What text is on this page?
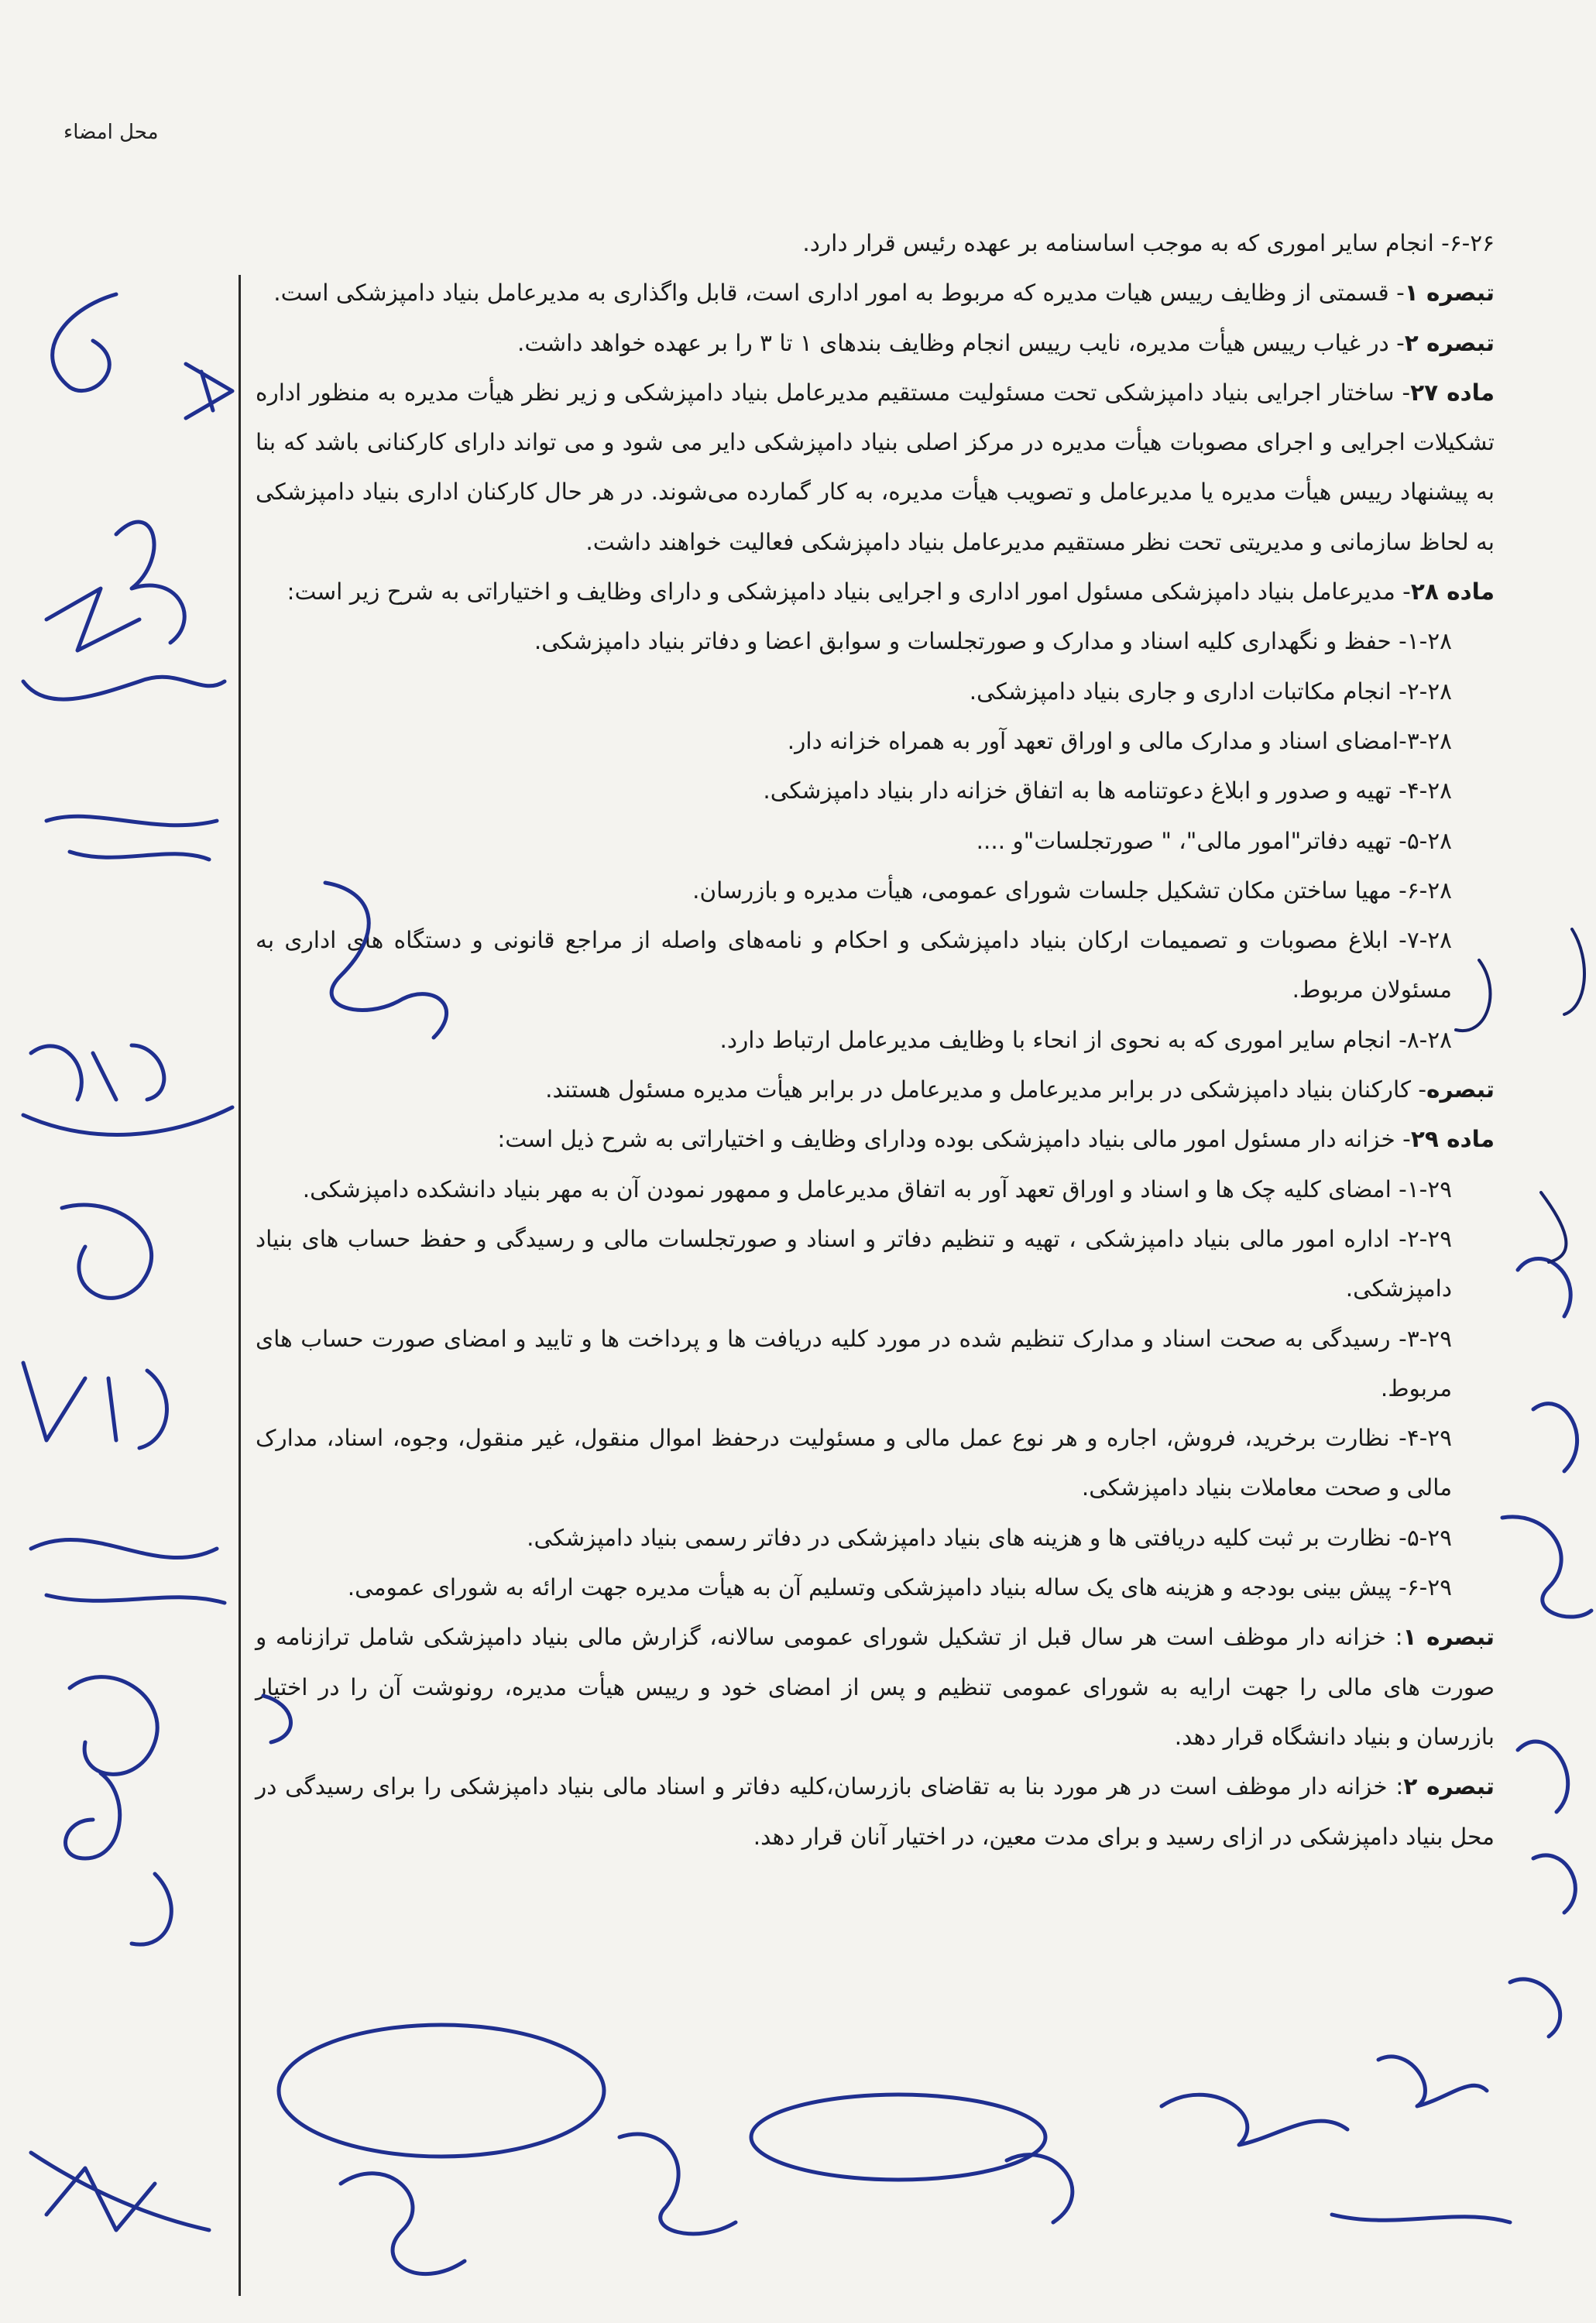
محل امضاء

۶-۲۶- انجام سایر اموری که به موجب اساسنامه بر عهده رئیس قرار دارد.

تبصره ۱- قسمتی از وظایف رییس هیات مدیره که مربوط به امور اداری است، قابل واگذاری به مدیرعامل بنیاد دامپزشکی است.

تبصره ۲- در غیاب رییس هیأت مدیره، نایب رییس انجام وظایف بندهای ۱ تا ۳ را بر عهده خواهد داشت.

ماده ۲۷- ساختار اجرایی بنیاد دامپزشکی تحت مسئولیت مستقیم مدیرعامل بنیاد دامپزشکی و زیر نظر هیأت مدیره به منظور اداره تشکیلات اجرایی و اجرای مصوبات هیأت مدیره در مرکز اصلی بنیاد دامپزشکی دایر می شود و می تواند دارای کارکنانی باشد که بنا به پیشنهاد رییس هیأت مدیره یا مدیرعامل و تصویب هیأت مدیره، به کار گمارده می‌شوند. در هر حال کارکنان اداری بنیاد دامپزشکی به لحاظ سازمانی و مدیریتی تحت نظر مستقیم مدیرعامل بنیاد دامپزشکی فعالیت خواهند داشت.

ماده ۲۸- مدیرعامل بنیاد دامپزشکی مسئول امور اداری و اجرایی بنیاد دامپزشکی و دارای وظایف و اختیاراتی به شرح زیر است:

۱-۲۸- حفظ و نگهداری کلیه اسناد و مدارک و صورتجلسات و سوابق اعضا و دفاتر بنیاد دامپزشکی.

۲-۲۸- انجام مکاتبات اداری و جاری بنیاد دامپزشکی.

۳-۲۸-امضای اسناد و مدارک مالی و اوراق تعهد آور به همراه خزانه دار.

۴-۲۸- تهیه و صدور و ابلاغ دعوتنامه ها به اتفاق خزانه دار بنیاد دامپزشکی.

۵-۲۸- تهیه دفاتر"امور مالی"، " صورتجلسات"و ....

۶-۲۸- مهیا ساختن مکان تشکیل جلسات شورای عمومی، هیأت مدیره و بازرسان.

۷-۲۸- ابلاغ مصوبات و تصمیمات ارکان بنیاد دامپزشکی و احکام و نامه‌های واصله از مراجع قانونی و دستگاه های اداری به مسئولان مربوط.

۸-۲۸- انجام سایر اموری که به نحوی از انحاء با وظایف مدیرعامل ارتباط دارد.

تبصره- کارکنان بنیاد دامپزشکی در برابر مدیرعامل و مدیرعامل در برابر هیأت مدیره مسئول هستند.

ماده ۲۹- خزانه دار مسئول امور مالی بنیاد دامپزشکی بوده ودارای وظایف و اختیاراتی به شرح ذیل است:

۱-۲۹- امضای کلیه چک ها و اسناد و اوراق تعهد آور به اتفاق مدیرعامل و ممهور نمودن آن به مهر بنیاد دانشکده دامپزشکی.

۲-۲۹- اداره امور مالی بنیاد دامپزشکی ، تهیه و تنظیم دفاتر و اسناد و صورتجلسات مالی و رسیدگی و حفظ حساب های بنیاد دامپزشکی.

۳-۲۹- رسیدگی به صحت اسناد و مدارک تنظیم شده در مورد کلیه دریافت ها و پرداخت ها و تایید و امضای صورت حساب های مربوط.

۴-۲۹- نظارت برخرید، فروش، اجاره و هر نوع عمل مالی و مسئولیت درحفظ اموال منقول، غیر منقول، وجوه، اسناد، مدارک مالی و صحت معاملات بنیاد دامپزشکی.

۵-۲۹- نظارت بر ثبت کلیه دریافتی ها و هزینه های بنیاد دامپزشکی در دفاتر رسمی بنیاد دامپزشکی.

۶-۲۹- پیش بینی بودجه و هزینه های یک ساله بنیاد دامپزشکی وتسلیم آن به هیأت مدیره جهت ارائه به شورای عمومی.

تبصره ۱: خزانه دار موظف است هر سال قبل از تشکیل شورای عمومی سالانه، گزارش مالی بنیاد دامپزشکی شامل ترازنامه و صورت های مالی را جهت ارایه به شورای عمومی تنظیم و پس از امضای خود و رییس هیأت مدیره، رونوشت آن را در اختیار بازرسان و بنیاد دانشگاه قرار دهد.

تبصره ۲: خزانه دار موظف است در هر مورد بنا به تقاضای بازرسان،کلیه دفاتر و اسناد مالی بنیاد دامپزشکی را برای رسیدگی در محل بنیاد دامپزشکی در ازای رسید و برای مدت معین، در اختیار آنان قرار دهد.
